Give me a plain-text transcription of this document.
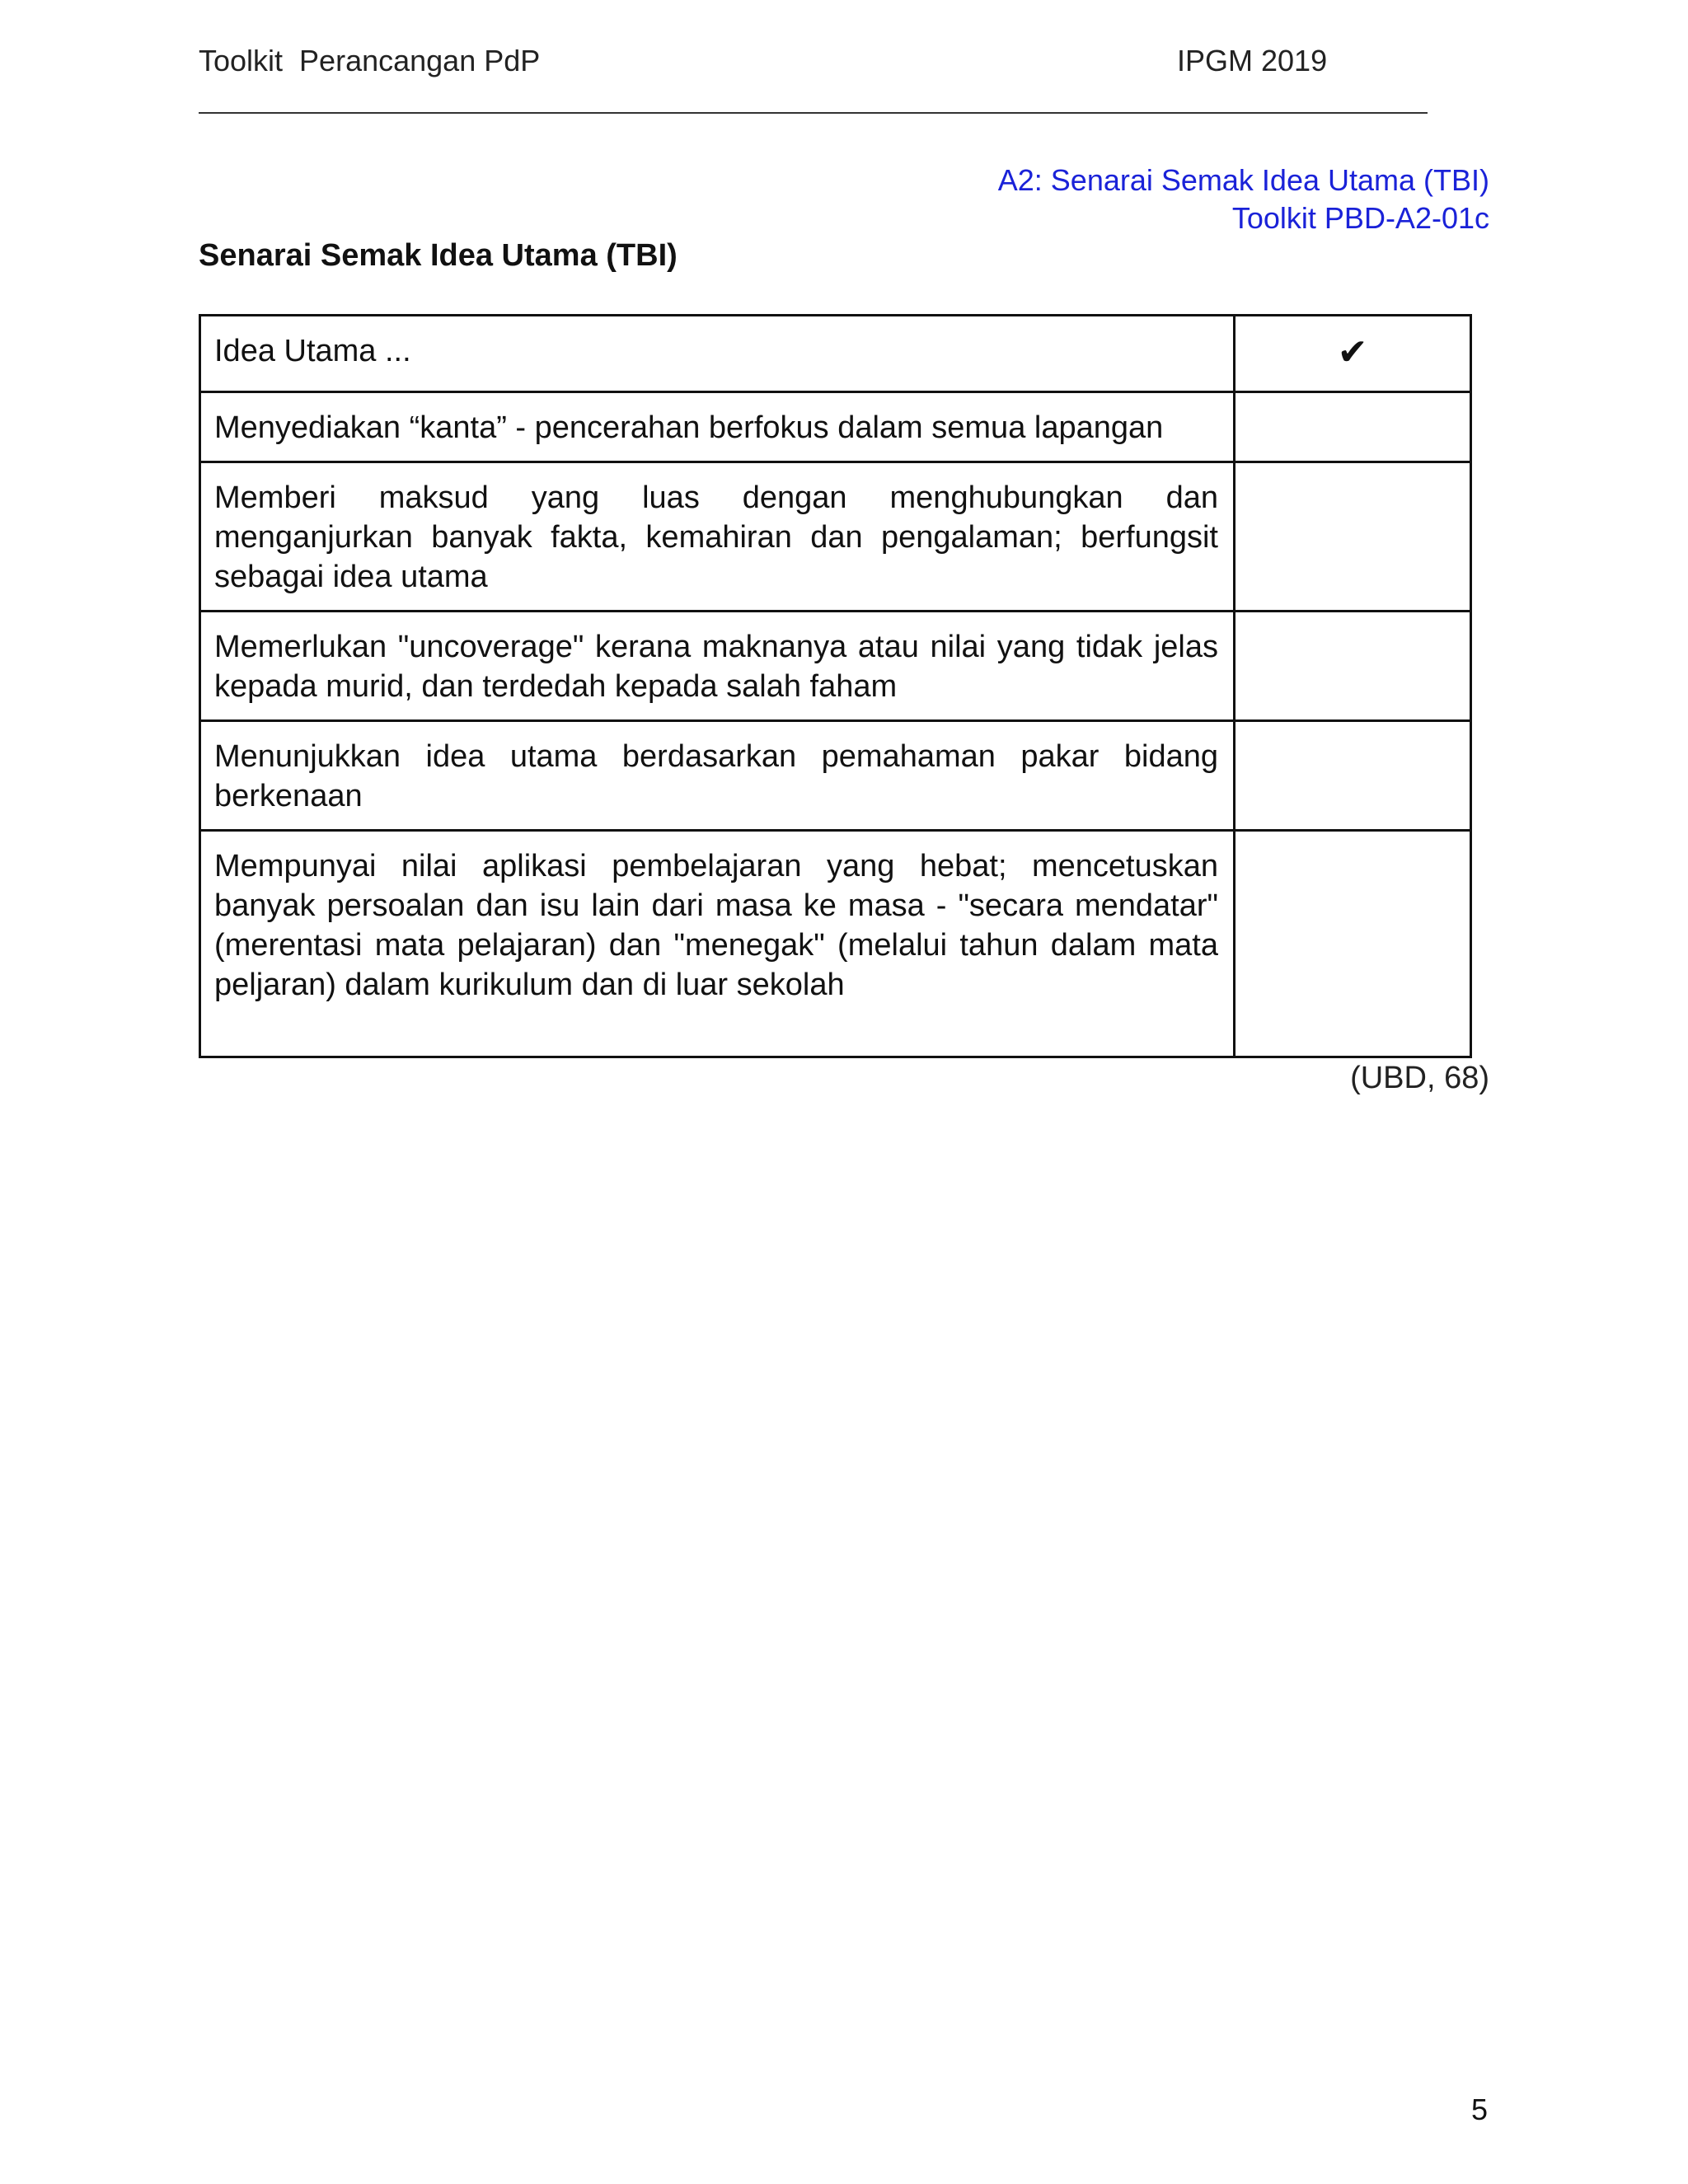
Toolkit  Perancangan PdP	IPGM 2019
A2: Senarai Semak Idea Utama (TBI)
Toolkit PBD-A2-01c
Senarai Semak Idea Utama (TBI)
Idea Utama ...	✔
Menyediakan “kanta” - pencerahan berfokus dalam semua lapangan	
Memberi maksud yang luas dengan menghubungkan dan menganjurkan banyak fakta, kemahiran dan pengalaman; berfungsit sebagai idea utama	
Memerlukan "uncoverage" kerana maknanya atau nilai yang tidak jelas kepada murid, dan terdedah kepada salah faham	
Menunjukkan idea utama berdasarkan pemahaman pakar bidang berkenaan	
Mempunyai nilai aplikasi pembelajaran yang hebat; mencetuskan banyak persoalan dan isu lain dari masa ke masa - "secara mendatar" (merentasi mata pelajaran) dan "menegak" (melalui tahun dalam mata peljaran) dalam kurikulum dan di luar sekolah	
(UBD, 68)
5
